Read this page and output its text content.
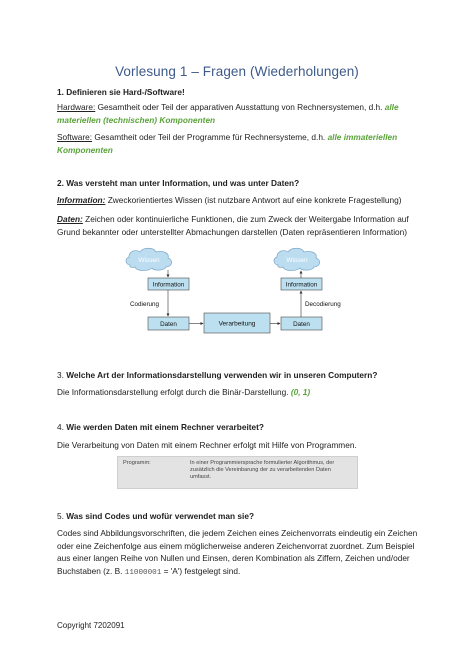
Vorlesung 1 – Fragen (Wiederholungen)
1. Definieren sie Hard-/Software!
Hardware: Gesamtheit oder Teil der apparativen Ausstattung von Rechnersystemen, d.h. alle materiellen (technischen) Komponenten
Software: Gesamtheit oder Teil der Programme für Rechnersysteme, d.h. alle immateriellen Komponenten
2. Was versteht man unter Information, und was unter Daten?
Information: Zweckorientiertes Wissen (ist nutzbare Antwort auf eine konkrete Fragestellung)
Daten: Zeichen oder kontinuierliche Funktionen, die zum Zweck der Weitergabe Information auf Grund bekannter oder unterstellter Abmachungen darstellen (Daten repräsentieren Information)
Wissen	Wissen
Information	Information
Daten	Daten
Verarbeitung
Codierung	Decodierung
3. Welche Art der Informationsdarstellung verwenden wir in unseren Computern?
Die Informationsdarstellung erfolgt durch die Binär-Darstellung. (0, 1)
4. Wie werden Daten mit einem Rechner verarbeitet?
Die Verarbeitung von Daten mit einem Rechner erfolgt mit Hilfe von Programmen.
Programm:	In einer Programmiersprache formulierter Algorithmus, der zusätzlich die Vereinbarung der zu verarbeitenden Daten umfasst.
5. Was sind Codes und wofür verwendet man sie?
Codes sind Abbildungsvorschriften, die jedem Zeichen eines Zeichenvorrats eindeutig ein Zeichen oder eine Zeichenfolge aus einem möglicherweise anderen Zeichenvorrat zuordnet. Zum Beispiel aus einer langen Reihe von Nullen und Einsen, deren Kombination als Ziffern, Zeichen und/oder Buchstaben (z. B. 11000001 = 'A') festgelegt sind.
Copyright 7202091
